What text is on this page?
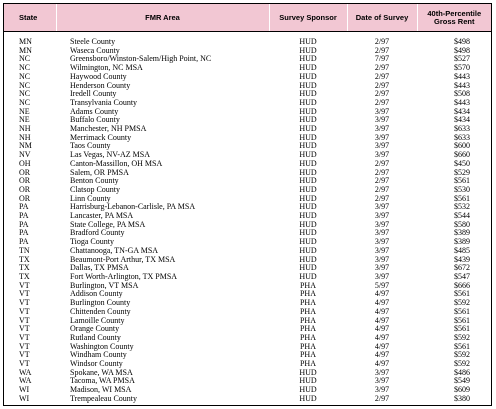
State	FMR Area	Survey Sponsor	Date of Survey	40th-Percentile Gross Rent
MN	Steele County	HUD	2/97	$498
MN	Waseca County	HUD	2/97	$498
NC	Greensboro/Winston-Salem/High Point, NC	HUD	7/97	$527
NC	Wilmington, NC MSA	HUD	2/97	$570
NC	Haywood County	HUD	2/97	$443
NC	Henderson County	HUD	2/97	$443
NC	Iredell County	HUD	2/97	$508
NC	Transylvania County	HUD	2/97	$443
NE	Adams County	HUD	3/97	$434
NE	Buffalo County	HUD	3/97	$434
NH	Manchester, NH PMSA	HUD	3/97	$633
NH	Merrimack County	HUD	3/97	$633
NM	Taos County	HUD	3/97	$600
NV	Las Vegas, NV-AZ MSA	HUD	3/97	$660
OH	Canton-Massillon, OH MSA	HUD	2/97	$450
OR	Salem, OR PMSA	HUD	2/97	$529
OR	Benton County	HUD	2/97	$561
OR	Clatsop County	HUD	2/97	$530
OR	Linn County	HUD	2/97	$561
PA	Harrisburg-Lebanon-Carlisle, PA MSA	HUD	3/97	$532
PA	Lancaster, PA MSA	HUD	3/97	$544
PA	State College, PA MSA	HUD	3/97	$580
PA	Bradford County	HUD	3/97	$389
PA	Tioga County	HUD	3/97	$389
TN	Chattanooga, TN-GA MSA	HUD	3/97	$485
TX	Beaumont-Port Arthur, TX MSA	HUD	3/97	$439
TX	Dallas, TX PMSA	HUD	3/97	$672
TX	Fort Worth-Arlington, TX PMSA	HUD	3/97	$547
VT	Burlington, VT MSA	PHA	5/97	$666
VT	Addison County	PHA	4/97	$561
VT	Burlington County	PHA	4/97	$592
VT	Chittenden County	PHA	4/97	$561
VT	Lamoille County	PHA	4/97	$561
VT	Orange County	PHA	4/97	$561
VT	Rutland County	PHA	4/97	$592
VT	Washington County	PHA	4/97	$561
VT	Windham County	PHA	4/97	$592
VT	Windsor County	PHA	4/97	$592
WA	Spokane, WA MSA	HUD	3/97	$486
WA	Tacoma, WA PMSA	HUD	3/97	$549
WI	Madison, WI MSA	HUD	3/97	$609
WI	Trempealeau County	HUD	2/97	$380
